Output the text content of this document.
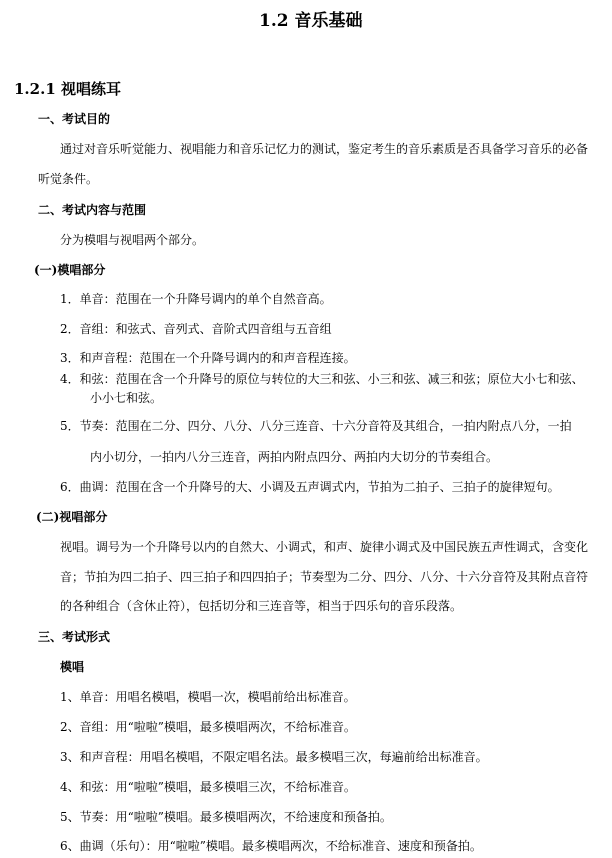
1.2 音乐基础
1.2.1 视唱练耳
一、考试目的
通过对音乐听觉能力、视唱能力和音乐记忆力的测试，鉴定考生的音乐素质是否具备学习音乐的必备
听觉条件。
二、考试内容与范围
分为模唱与视唱两个部分。
(一)模唱部分
1．单音：范围在一个升降号调内的单个自然音高。
2．音组：和弦式、音列式、音阶式四音组与五音组
3．和声音程：范围在一个升降号调内的和声音程连接。
4．和弦：范围在含一个升降号的原位与转位的大三和弦、小三和弦、减三和弦；原位大小七和弦、
小小七和弦。
5．节奏：范围在二分、四分、八分、八分三连音、十六分音符及其组合，一拍内附点八分，一拍
内小切分，一拍内八分三连音，两拍内附点四分、两拍内大切分的节奏组合。
6．曲调：范围在含一个升降号的大、小调及五声调式内，节拍为二拍子、三拍子的旋律短句。
(二)视唱部分
视唱。调号为一个升降号以内的自然大、小调式，和声、旋律小调式及中国民族五声性调式，含变化
音；节拍为四二拍子、四三拍子和四四拍子；节奏型为二分、四分、八分、十六分音符及其附点音符
的各种组合（含休止符），包括切分和三连音等，相当于四乐句的音乐段落。
三、考试形式
模唱
1、单音：用唱名模唱，模唱一次，模唱前给出标准音。
2、音组：用“啦啦”模唱，最多模唱两次，不给标准音。
3、和声音程：用唱名模唱，不限定唱名法。最多模唱三次，每遍前给出标准音。
4、和弦：用“啦啦”模唱，最多模唱三次，不给标准音。
5、节奏：用“啦啦”模唱。最多模唱两次，不给速度和预备拍。
6、曲调（乐句）：用“啦啦”模唱。最多模唱两次，不给标准音、速度和预备拍。
